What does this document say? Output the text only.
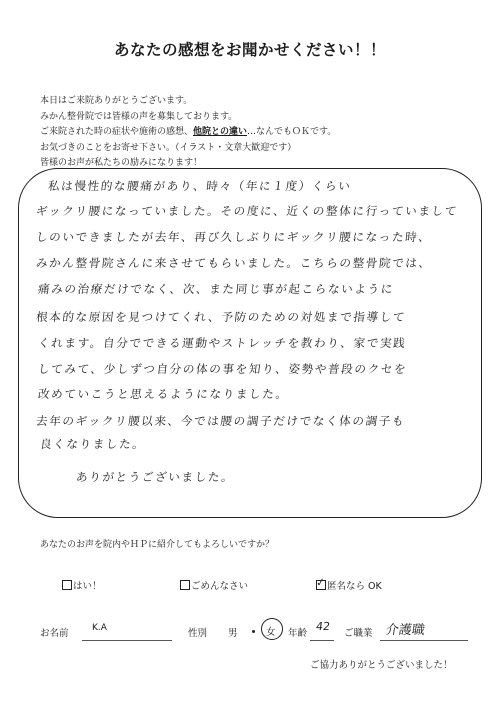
あなたの感想をお聞かせください！！
本日はご来院ありがとうございます。
みかん整骨院では皆様の声を募集しております。
ご来院された時の症状や施術の感想、他院との違い…なんでもＯＫです。
お気づきのことをお寄せ下さい。（イラスト・文章大歓迎です）
皆様のお声が私たちの励みになります！
私は慢性的な腰痛があり、時々（年に１度）くらい
ギックリ腰になっていました。その度に、近くの整体に行っていまして
しのいできましたが去年、再び久しぶりにギックリ腰になった時、
みかん整骨院さんに来させてもらいました。こちらの整骨院では、
痛みの治療だけでなく、次、また同じ事が起こらないように
根本的な原因を見つけてくれ、予防のための対処まで指導して
くれます。自分でできる運動やストレッチを教わり、家で実践
してみて、少しずつ自分の体の事を知り、姿勢や普段のクセを
改めていこうと思えるようになりました。
去年のギックリ腰以来、今では腰の調子だけでなく体の調子も
良くなりました。
ありがとうございました。
あなたのお声を院内やＨＰに紹介してもよろしいですか？
はい！	ごめんなさい	✓ 匿名なら OK
お名前	K.A	性別 男	女 年齢
42
ご職業 介護職
ご協力ありがとうございました！
